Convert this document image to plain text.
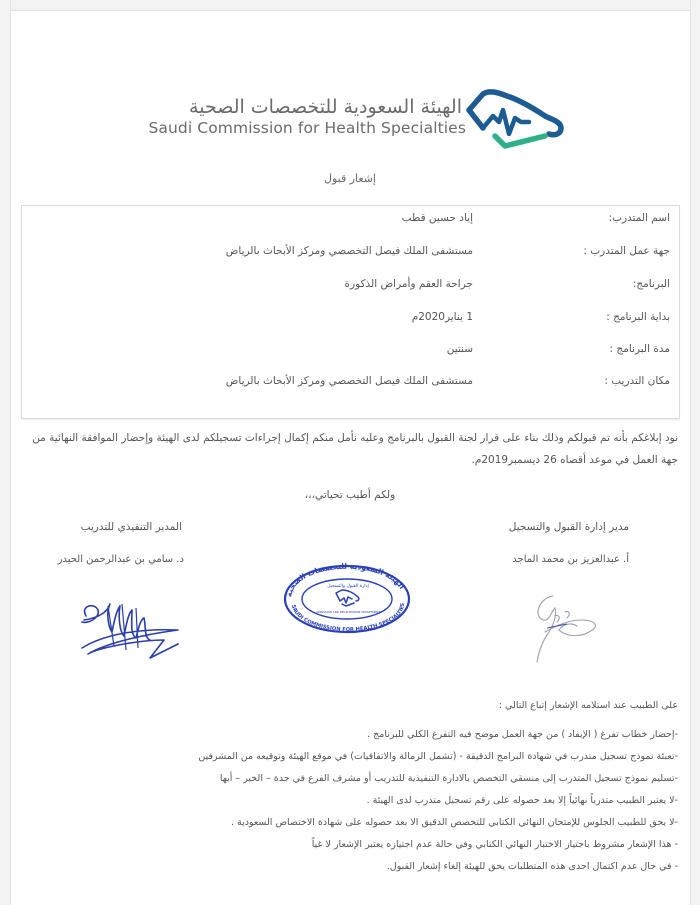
الهيئة السعودية للتخصصات الصحية
Saudi Commission for Health Specialties
إشعار قبول
اسم المتدرب:
إياد حسين قطب
جهة عمل المتدرب :
مستشفى الملك فيصل التخصصي ومركز الأبحاث بالرياض
البرنامج:
جراحة العقم وأمراض الذكورة
بداية البرنامج :
1 يناير2020م
مدة البرنامج :
سنتين
مكان التدريب :
مستشفى الملك فيصل التخصصي ومركز الأبحاث بالرياض
نود إبلاغكم بأنه تم قبولكم وذلك بناء على قرار لجنة القبول بالبرنامج وعليه نأمل منكم إكمال إجراءات تسجيلكم لدى الهيئة وإحضار الموافقة النهائية من
جهة العمل في موعد أقصاه 26 ديسمبر2019م.
ولكم أطيب تحياتي،،،
مدير إدارة القبول والتسجيل
أ. عبدالعزيز بن محمد الماجد
المدير التنفيذي للتدريب
د. سامي بن عبدالرحمن الحيدر
الهيئة السعودية للتخصصات الصحية
SAUDI COMMISSION FOR HEALTH SPECIALTIES
إدارة القبول والتسجيل
ADMISSION AND REGISTRATION DEPARTMENT
على الطبيب عند استلامه الإشعار إتباع التالي :
-إحضار خطاب تفرغ ( الإيفاد ) من جهة العمل موضح فيه التفرغ الكلي للبرنامج .
-تعبئة نموذج تسجيل متدرب في شهادة البرامج الدقيقة - (تشمل الزمالة والاتفاقيات) في موقع الهيئة وتوقيعه من المشرفين
-تسليم نموذج تسجيل المتدرب إلى منسقي التخصص بالادارة التنفيذية للتدريب أو مشرف الفرع في جدة – الخبر – أبها
-لا يعتبر الطبيب متدرباً نهائياً إلا بعد حصوله على رقم تسجيل متدرب لدى الهيئة .
-لا يحق للطبيب الجلوس للإمتحان النهائي الكتابي للتخصص الدقيق الا بعد حصوله على شهادة الاختصاص السعودية .
- هذا الإشعار مشروط باجتياز الاختبار النهائي الكتابي وفي حالة عدم اجتيازه يعتبر الإشعار لا غياً
- في حال عدم اكتمال احدى هذه المتطلبات يحق للهيئة إلغاء إشعار القبول.
